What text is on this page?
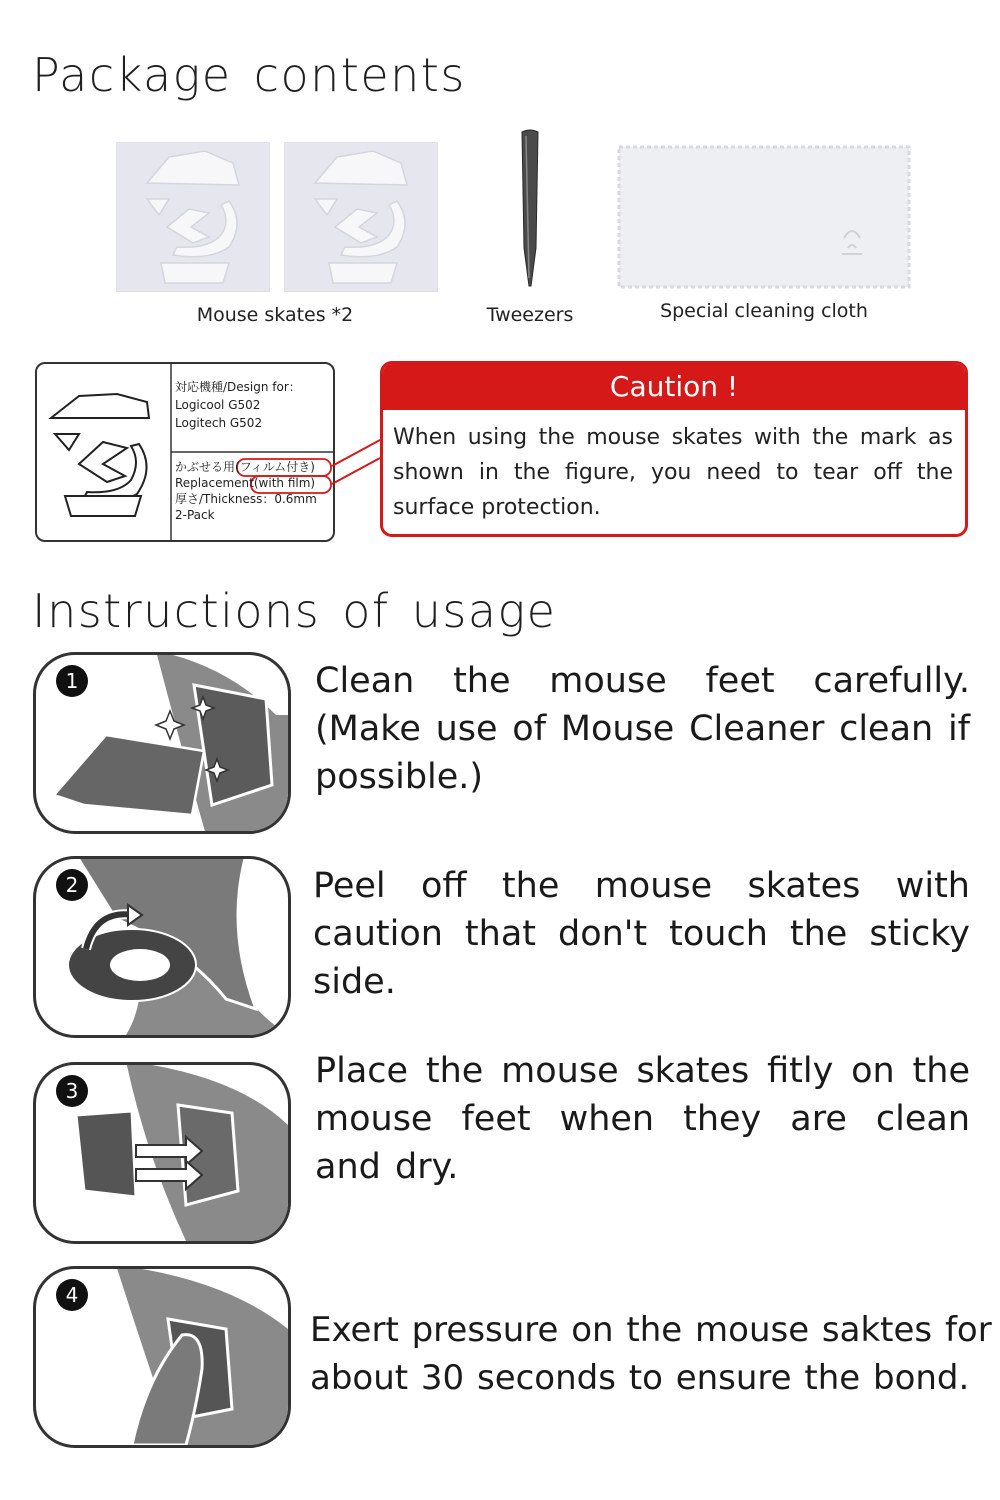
Package contents
Mouse skates *2	Tweezers	Special cleaning cloth
対応機種/Design for：
Logicool G502
Logitech G502
かぶせる用(フィルム付き)
Replacement(with film)
厚さ/Thickness：0.6mm
2-Pack
Caution !
When using the mouse skates with the mark as shown in the figure, you need to tear off the surface protection.
Instructions of usage
1	Clean the mouse feet carefully. (Make use of Mouse Cleaner clean if possible.)
2	Peel off the mouse skates with caution that don't touch the sticky side.
3	Place the mouse skates fitly on the mouse feet when they are clean and dry.
4
Exert pressure on the mouse saktes for about 30 seconds to ensure the bond.
